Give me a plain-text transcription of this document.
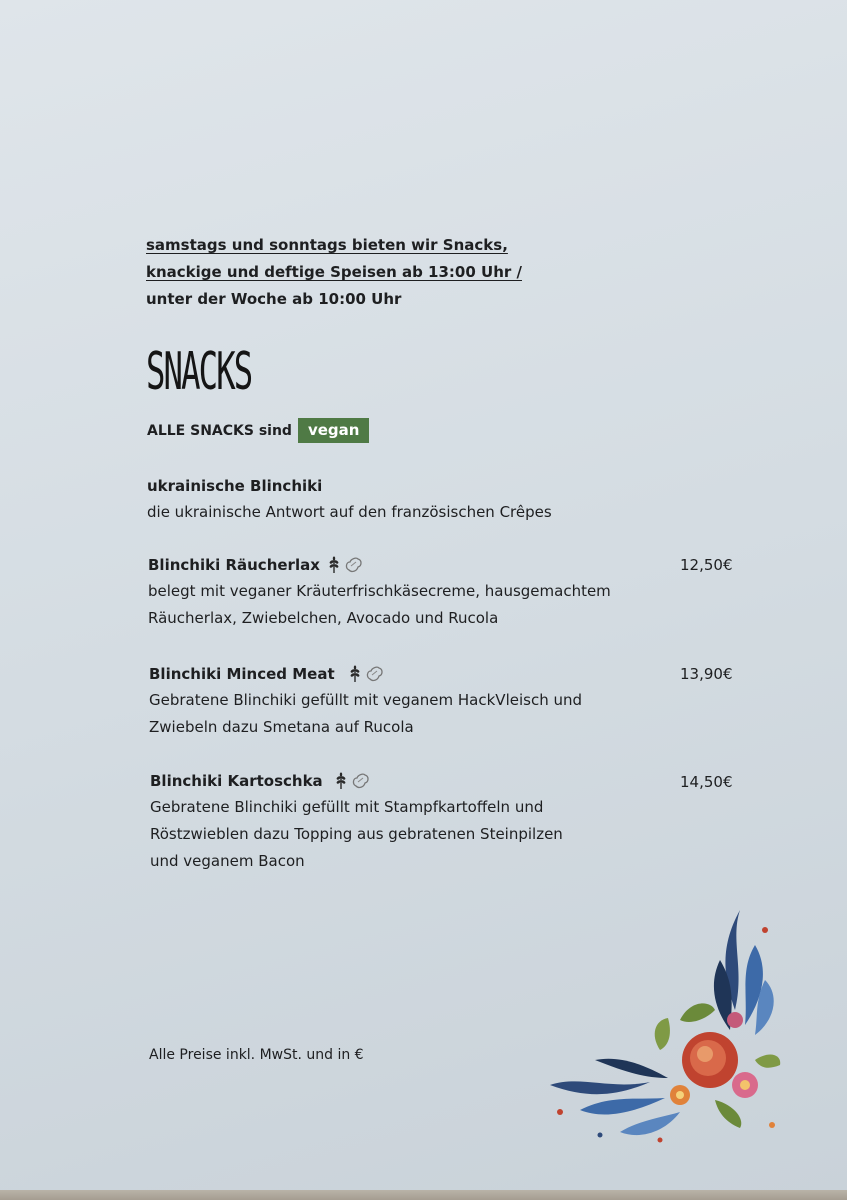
samstags und sonntags bieten wir Snacks,
knackige und deftige Speisen ab 13:00 Uhr /
unter der Woche ab 10:00 Uhr
SNACKS
ALLE SNACKS sind	vegan
ukrainische Blinchiki
die ukrainische Antwort auf den französischen Crêpes
Blinchiki Räucherlax
belegt mit veganer Kräuterfrischkäsecreme, hausgemachtem
Räucherlax, Zwiebelchen, Avocado und Rucola
12,50€
Blinchiki Minced Meat
Gebratene Blinchiki gefüllt mit veganem HackVleisch und
Zwiebeln dazu Smetana auf Rucola
13,90€
Blinchiki Kartoschka
Gebratene Blinchiki gefüllt mit Stampfkartoffeln und
Röstzwieblen dazu Topping aus gebratenen Steinpilzen
und veganem Bacon
14,50€
Alle Preise inkl. MwSt. und in €
